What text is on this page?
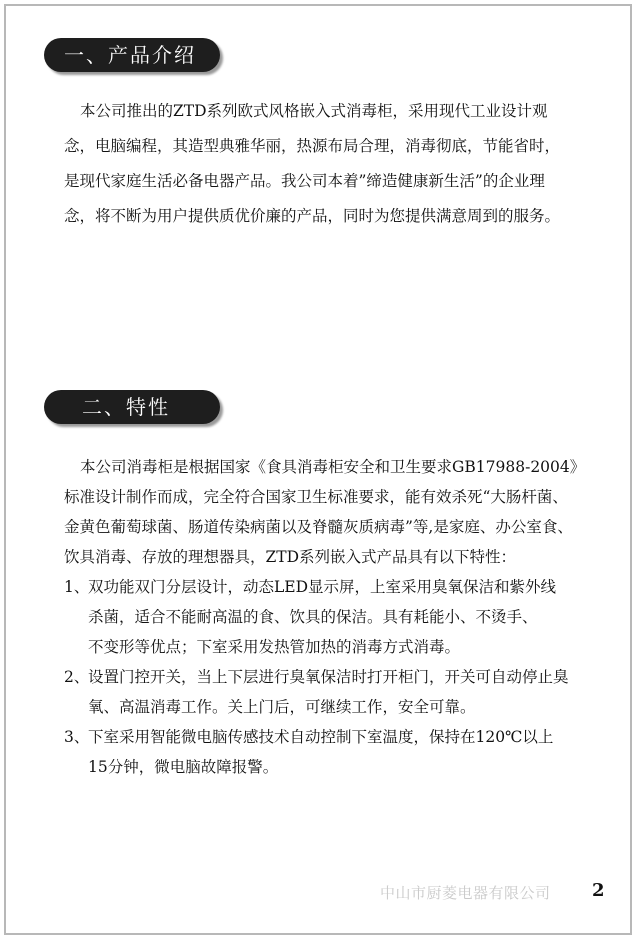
一、产品介绍
本公司推出的ZTD系列欧式风格嵌入式消毒柜，采用现代工业设计观
念，电脑编程，其造型典雅华丽，热源布局合理，消毒彻底，节能省时，
是现代家庭生活必备电器产品。我公司本着”缔造健康新生活”的企业理
念，将不断为用户提供质优价廉的产品，同时为您提供满意周到的服务。
二、特性
本公司消毒柜是根据国家《食具消毒柜安全和卫生要求GB17988-2004》
标准设计制作而成，完全符合国家卫生标准要求，能有效杀死“大肠杆菌、
金黄色葡萄球菌、肠道传染病菌以及脊髓灰质病毒”等,是家庭、办公室食、
饮具消毒、存放的理想器具，ZTD系列嵌入式产品具有以下特性：
1、
双功能双门分层设计，动态LED显示屏，上室采用臭氧保洁和紫外线
杀菌，适合不能耐高温的食、饮具的保洁。具有耗能小、不烫手、
不变形等优点；下室采用发热管加热的消毒方式消毒。
2、
设置门控开关，当上下层进行臭氧保洁时打开柜门，开关可自动停止臭
氧、高温消毒工作。关上门后，可继续工作，安全可靠。
3、
下室采用智能微电脑传感技术自动控制下室温度，保持在120℃以上
15分钟，微电脑故障报警。
中山市厨菱电器有限公司	2
